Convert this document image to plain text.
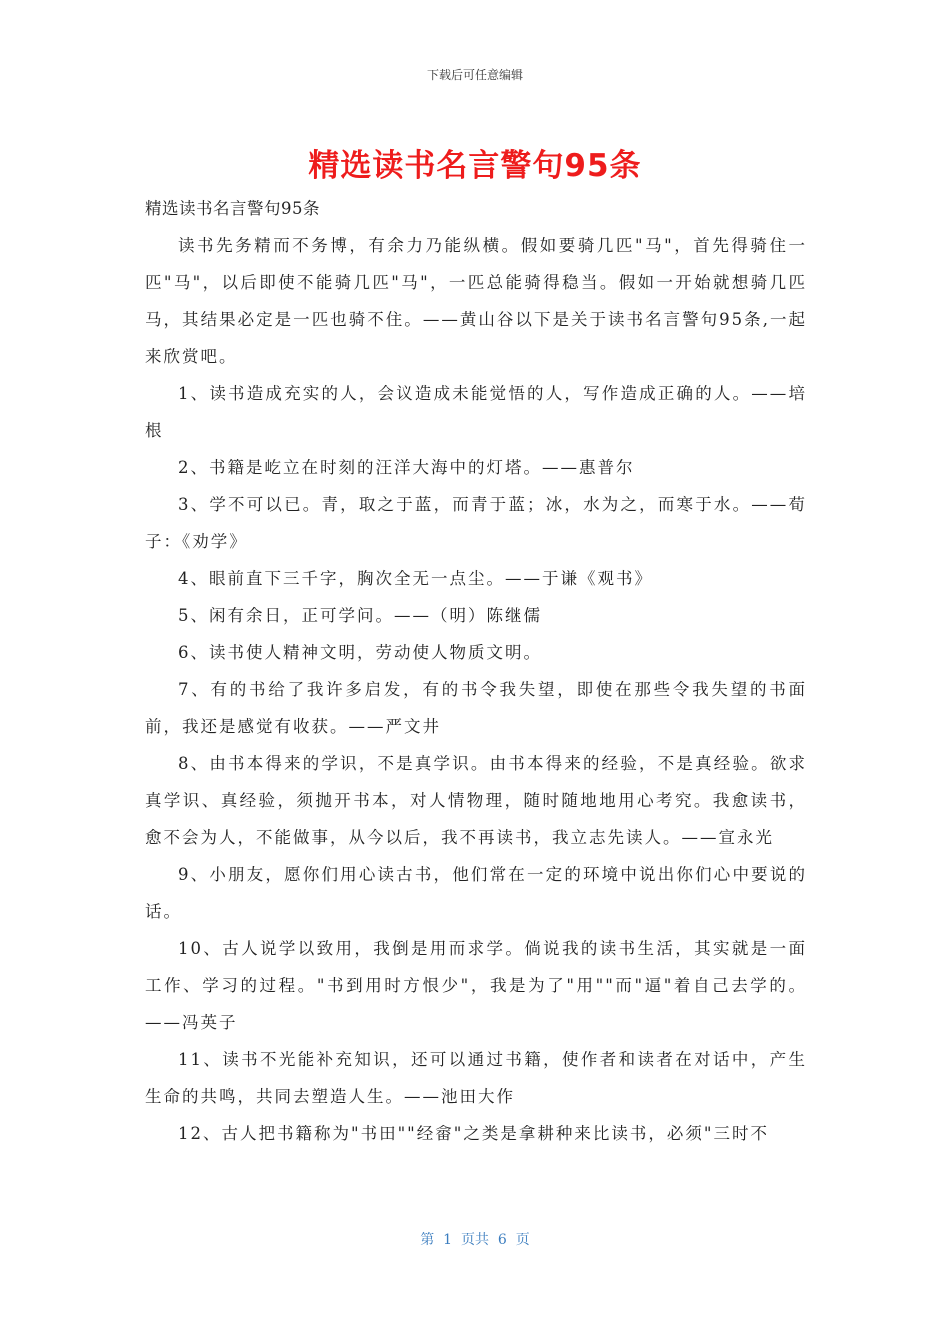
下载后可任意编辑
精选读书名言警句95条

精选读书名言警句95条

读书先务精而不务博，有余力乃能纵横。假如要骑几匹"马"，首先得骑住一匹"马"，以后即使不能骑几匹"马"，一匹总能骑得稳当。假如一开始就想骑几匹马，其结果必定是一匹也骑不住。——黄山谷以下是关于读书名言警句95条,一起来欣赏吧。

1、读书造成充实的人，会议造成未能觉悟的人，写作造成正确的人。——培根

2、书籍是屹立在时刻的汪洋大海中的灯塔。——惠普尔

3、学不可以已。青，取之于蓝，而青于蓝；冰，水为之，而寒于水。——荀子：《劝学》

4、眼前直下三千字，胸次全无一点尘。——于谦《观书》

5、闲有余日，正可学问。——（明）陈继儒

6、读书使人精神文明，劳动使人物质文明。

7、有的书给了我许多启发，有的书令我失望，即使在那些令我失望的书面前，我还是感觉有收获。——严文井

8、由书本得来的学识，不是真学识。由书本得来的经验，不是真经验。欲求真学识、真经验，须抛开书本，对人情物理，随时随地地用心考究。我愈读书，愈不会为人，不能做事，从今以后，我不再读书，我立志先读人。——宣永光

9、小朋友，愿你们用心读古书，他们常在一定的环境中说出你们心中要说的话。

10、古人说学以致用，我倒是用而求学。倘说我的读书生活，其实就是一面工作、学习的过程。"书到用时方恨少"，我是为了"用""而"逼"着自己去学的。——冯英子

11、读书不光能补充知识，还可以通过书籍，使作者和读者在对话中，产生生命的共鸣，共同去塑造人生。——池田大作

12、古人把书籍称为"书田""经畲"之类是拿耕种来比读书，必须"三时不

第  1  页共  6  页
